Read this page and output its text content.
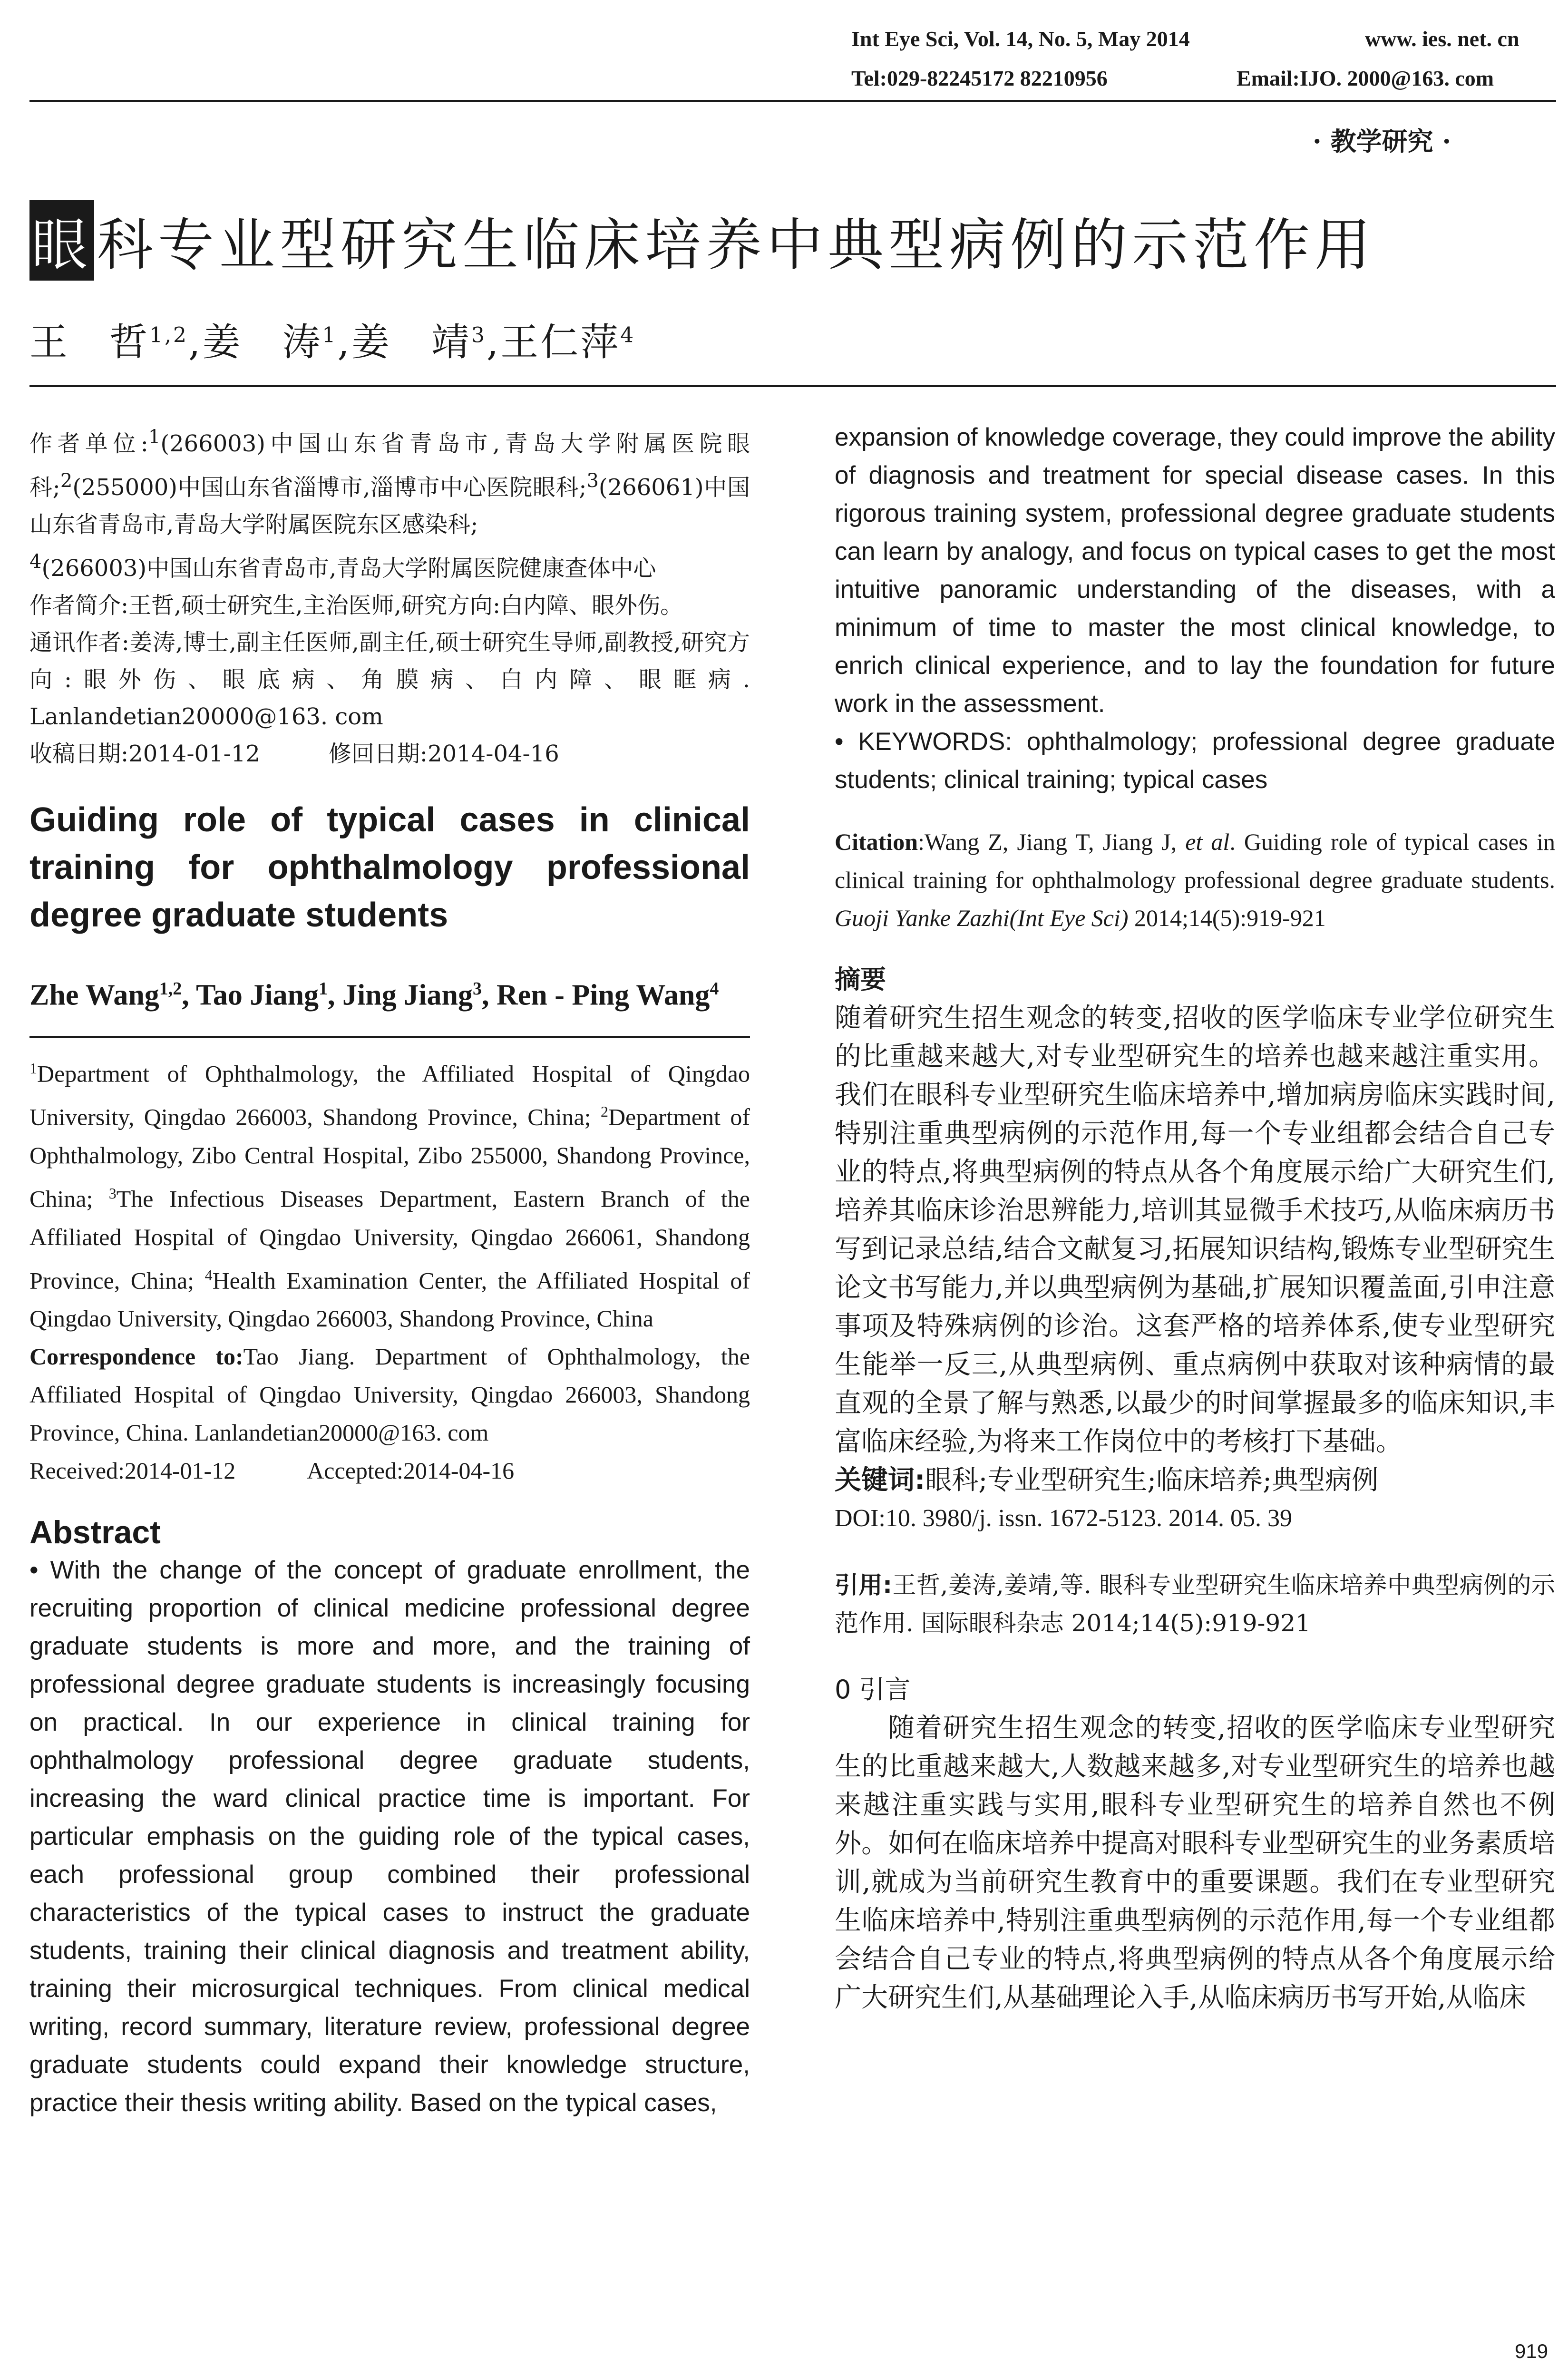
Int Eye Sci, Vol. 14, No. 5, May 2014	www. ies. net. cn
Tel:029-82245172 82210956	Email:IJO. 2000@163. com
· 教学研究 ·
眼科专业型研究生临床培养中典型病例的示范作用
王　哲$^{1,2}$,姜　涛$^1$,姜　靖$^3$,王仁萍$^4$

作者单位:$^1$(266003)中国山东省青岛市,青岛大学附属医院眼科;$^2$(255000)中国山东省淄博市,淄博市中心医院眼科;$^3$(266061)中国山东省青岛市,青岛大学附属医院东区感染科;
$^4$(266003)中国山东省青岛市,青岛大学附属医院健康查体中心

作者简介:王哲,硕士研究生,主治医师,研究方向:白内障、眼外伤。

通讯作者:姜涛,博士,副主任医师,副主任,硕士研究生导师,副教授,研究方向:眼外伤、眼底病、角膜病、白内障、眼眶病. Lanlandetian20000@163. com

收稿日期:2014-01-12　　　修回日期:2014-04-16

Guiding role of typical cases in clinical training for ophthalmology professional degree graduate students
Zhe Wang$^{1,2}$, Tao Jiang$^1$, Jing Jiang$^3$, Ren - Ping Wang$^4$
$^1$Department of Ophthalmology, the Affiliated Hospital of Qingdao University, Qingdao 266003, Shandong Province, China; $^2$Department of Ophthalmology, Zibo Central Hospital, Zibo 255000, Shandong Province, China; $^3$The Infectious Diseases Department, Eastern Branch of the Affiliated Hospital of Qingdao University, Qingdao 266061, Shandong Province, China; $^4$Health Examination Center, the Affiliated Hospital of Qingdao University, Qingdao 266003, Shandong Province, China
Correspondence to:Tao Jiang. Department of Ophthalmology, the Affiliated Hospital of Qingdao University, Qingdao 266003, Shandong Province, China. Lanlandetian20000@163. com
Received:2014-01-12　　　Accepted:2014-04-16
Abstract
• With the change of the concept of graduate enrollment, the recruiting proportion of clinical medicine professional degree graduate students is more and more, and the training of professional degree graduate students is increasingly focusing on practical. In our experience in clinical training for ophthalmology professional degree graduate students, increasing the ward clinical practice time is important. For particular emphasis on the guiding role of the typical cases, each professional group combined their professional characteristics of the typical cases to instruct the graduate students, training their clinical diagnosis and treatment ability, training their microsurgical techniques. From clinical medical writing, record summary, literature review, professional degree graduate students could expand their knowledge structure, practice their thesis writing ability. Based on the typical cases,
expansion of knowledge coverage, they could improve the ability of diagnosis and treatment for special disease cases. In this rigorous training system, professional degree graduate students can learn by analogy, and focus on typical cases to get the most intuitive panoramic understanding of the diseases, with a minimum of time to master the most clinical knowledge, to enrich clinical experience, and to lay the foundation for future work in the assessment.
• KEYWORDS: ophthalmology; professional degree graduate students; clinical training; typical cases
Citation:Wang Z, Jiang T, Jiang J, et al. Guiding role of typical cases in clinical training for ophthalmology professional degree graduate students. Guoji Yanke Zazhi(Int Eye Sci) 2014;14(5):919-921
摘要
随着研究生招生观念的转变,招收的医学临床专业学位研究生的比重越来越大,对专业型研究生的培养也越来越注重实用。我们在眼科专业型研究生临床培养中,增加病房临床实践时间,特别注重典型病例的示范作用,每一个专业组都会结合自己专业的特点,将典型病例的特点从各个角度展示给广大研究生们,培养其临床诊治思辨能力,培训其显微手术技巧,从临床病历书写到记录总结,结合文献复习,拓展知识结构,锻炼专业型研究生论文书写能力,并以典型病例为基础,扩展知识覆盖面,引申注意事项及特殊病例的诊治。这套严格的培养体系,使专业型研究生能举一反三,从典型病例、重点病例中获取对该种病情的最直观的全景了解与熟悉,以最少的时间掌握最多的临床知识,丰富临床经验,为将来工作岗位中的考核打下基础。
关键词:眼科;专业型研究生;临床培养;典型病例
DOI:10. 3980/j. issn. 1672-5123. 2014. 05. 39
引用:王哲,姜涛,姜靖,等. 眼科专业型研究生临床培养中典型病例的示范作用. 国际眼科杂志 2014;14(5):919-921
0 引言
随着研究生招生观念的转变,招收的医学临床专业型研究生的比重越来越大,人数越来越多,对专业型研究生的培养也越来越注重实践与实用,眼科专业型研究生的培养自然也不例外。如何在临床培养中提高对眼科专业型研究生的业务素质培训,就成为当前研究生教育中的重要课题。我们在专业型研究生临床培养中,特别注重典型病例的示范作用,每一个专业组都会结合自己专业的特点,将典型病例的特点从各个角度展示给广大研究生们,从基础理论入手,从临床病历书写开始,从临床
919
